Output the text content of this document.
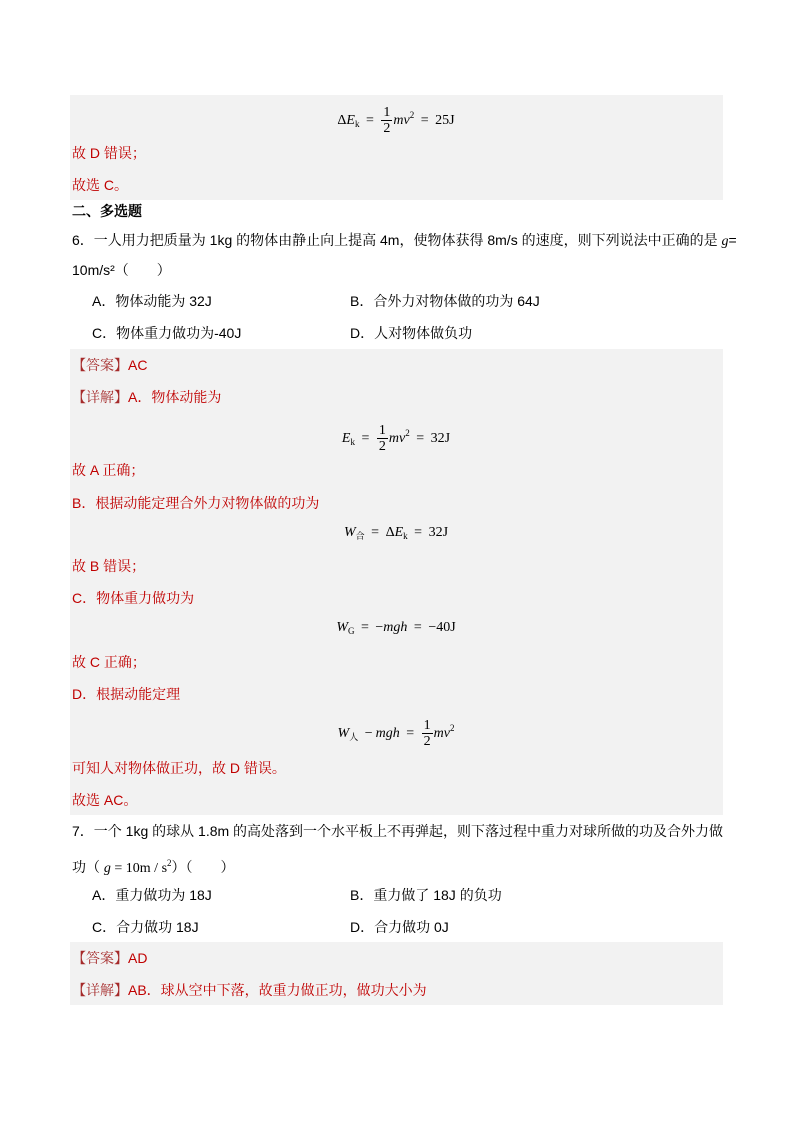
$\Delta E_k = \frac{1}{2} mv^2 = 25J$
故 D 错误；
故选 C。
二、多选题
6．一人用力把质量为 1kg 的物体由静止向上提高 4m，使物体获得 8m/s 的速度，则下列说法中正确的是 g=
10m/s²（　　）
A．物体动能为 32J	B．合外力对物体做的功为 64J
C．物体重力做功为-40J	D．人对物体做负功
【答案】AC
【详解】A．物体动能为
$E_k = \frac{1}{2} mv^2 = 32J$
故 A 正确；
B．根据动能定理合外力对物体做的功为
$W_合 = \Delta E_k = 32J$
故 B 错误；
C．物体重力做功为
$W_G = -mgh = -40J$
故 C 正确；
D．根据动能定理
$W_人$ − mgh = $\frac{1}{2} mv^2$
可知人对物体做正功，故 D 错误。
故选 AC。
7．一个 1kg 的球从 1.8m 的高处落到一个水平板上不再弹起，则下落过程中重力对球所做的功及合外力做
功（ $g = 10m / s^2$）（　　）
A．重力做功为 18J	B．重力做了 18J 的负功
C．合力做功 18J	D．合力做功 0J
【答案】AD
【详解】AB．球从空中下落，故重力做正功，做功大小为
